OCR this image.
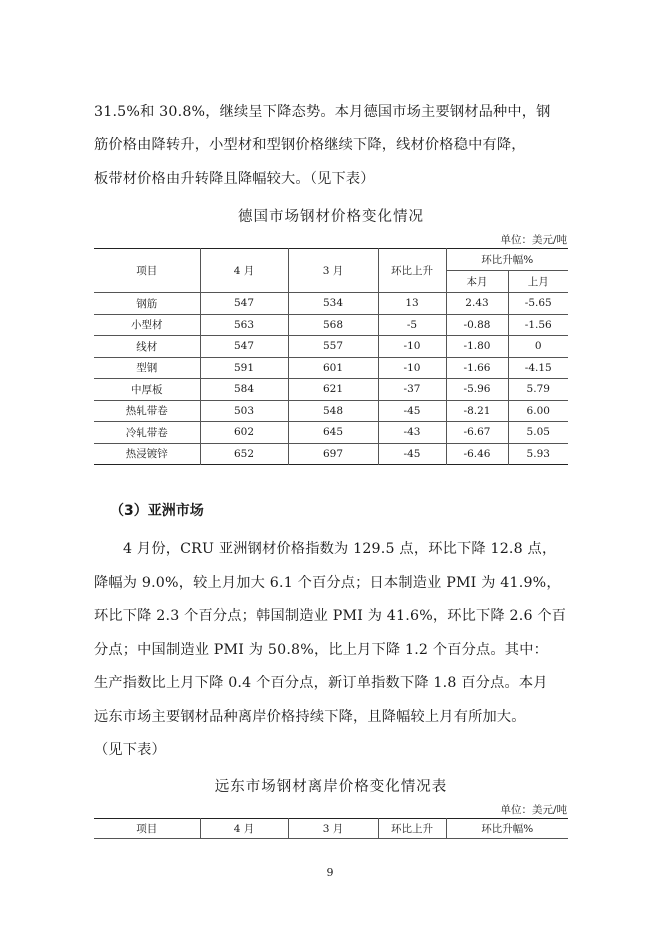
31.5%和 30.8%，继续呈下降态势。本月德国市场主要钢材品种中，钢

筋价格由降转升，小型材和型钢价格继续下降，线材价格稳中有降，

板带材价格由升转降且降幅较大。（见下表）

德国市场钢材价格变化情况
单位：美元/吨
项目	4 月	3 月	环比上升	环比升幅%	
				本月	上月
钢筋	547	534	13	2.43	-5.65
小型材	563	568	-5	-0.88	-1.56
线材	547	557	-10	-1.80	0
型钢	591	601	-10	-1.66	-4.15
中厚板	584	621	-37	-5.96	5.79
热轧带卷	503	548	-45	-8.21	6.00
冷轧带卷	602	645	-43	-6.67	5.05
热浸镀锌	652	697	-45	-6.46	5.93
（3）亚洲市场

4 月份，CRU 亚洲钢材价格指数为 129.5 点，环比下降 12.8 点，

降幅为 9.0%，较上月加大 6.1 个百分点；日本制造业 PMI 为 41.9%，

环比下降 2.3 个百分点；韩国制造业 PMI 为 41.6%，环比下降 2.6 个百

分点；中国制造业 PMI 为 50.8%，比上月下降 1.2 个百分点。其中：

生产指数比上月下降 0.4 个百分点，新订单指数下降 1.8 百分点。本月

远东市场主要钢材品种离岸价格持续下降，且降幅较上月有所加大。

（见下表）

远东市场钢材离岸价格变化情况表
单位：美元/吨
项目	4 月	3 月	环比上升	环比升幅%
9
